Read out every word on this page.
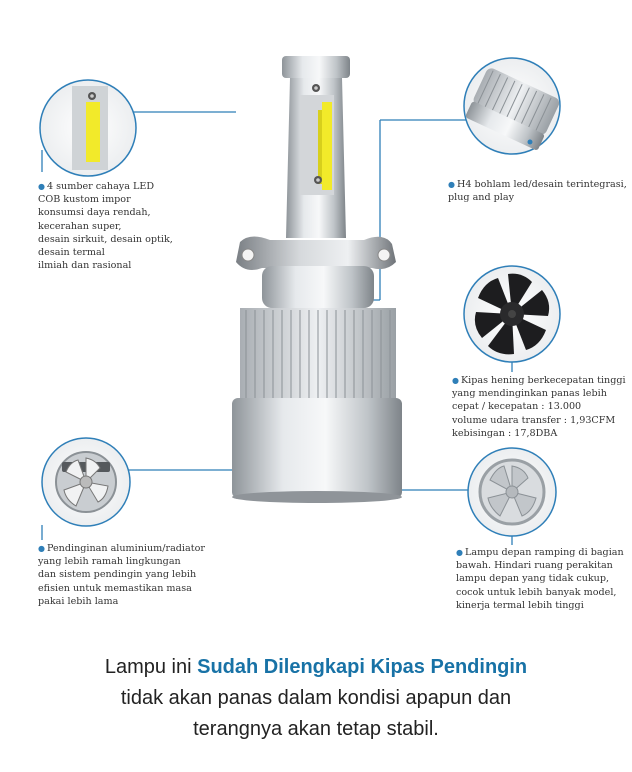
● 4 sumber cahaya LED
COB kustom impor
konsumsi daya rendah,
kecerahan super,
desain sirkuit, desain optik,
desain termal
ilmiah dan rasional
● H4 bohlam led/desain terintegrasi,
plug and play
● Kipas hening berkecepatan tinggi
yang mendinginkan panas lebih
cepat / kecepatan : 13.000
volume udara transfer : 1,93CFM
kebisingan : 17,8DBA
● Pendinginan aluminium/radiator
yang lebih ramah lingkungan
dan sistem pendingin yang lebih
efisien untuk memastikan masa
pakai lebih lama
● Lampu depan ramping di bagian
bawah. Hindari ruang perakitan
lampu depan yang tidak cukup,
cocok untuk lebih banyak model,
kinerja termal lebih tinggi
Lampu ini Sudah Dilengkapi Kipas Pendingin
tidak akan panas dalam kondisi apapun dan
terangnya akan tetap stabil.
